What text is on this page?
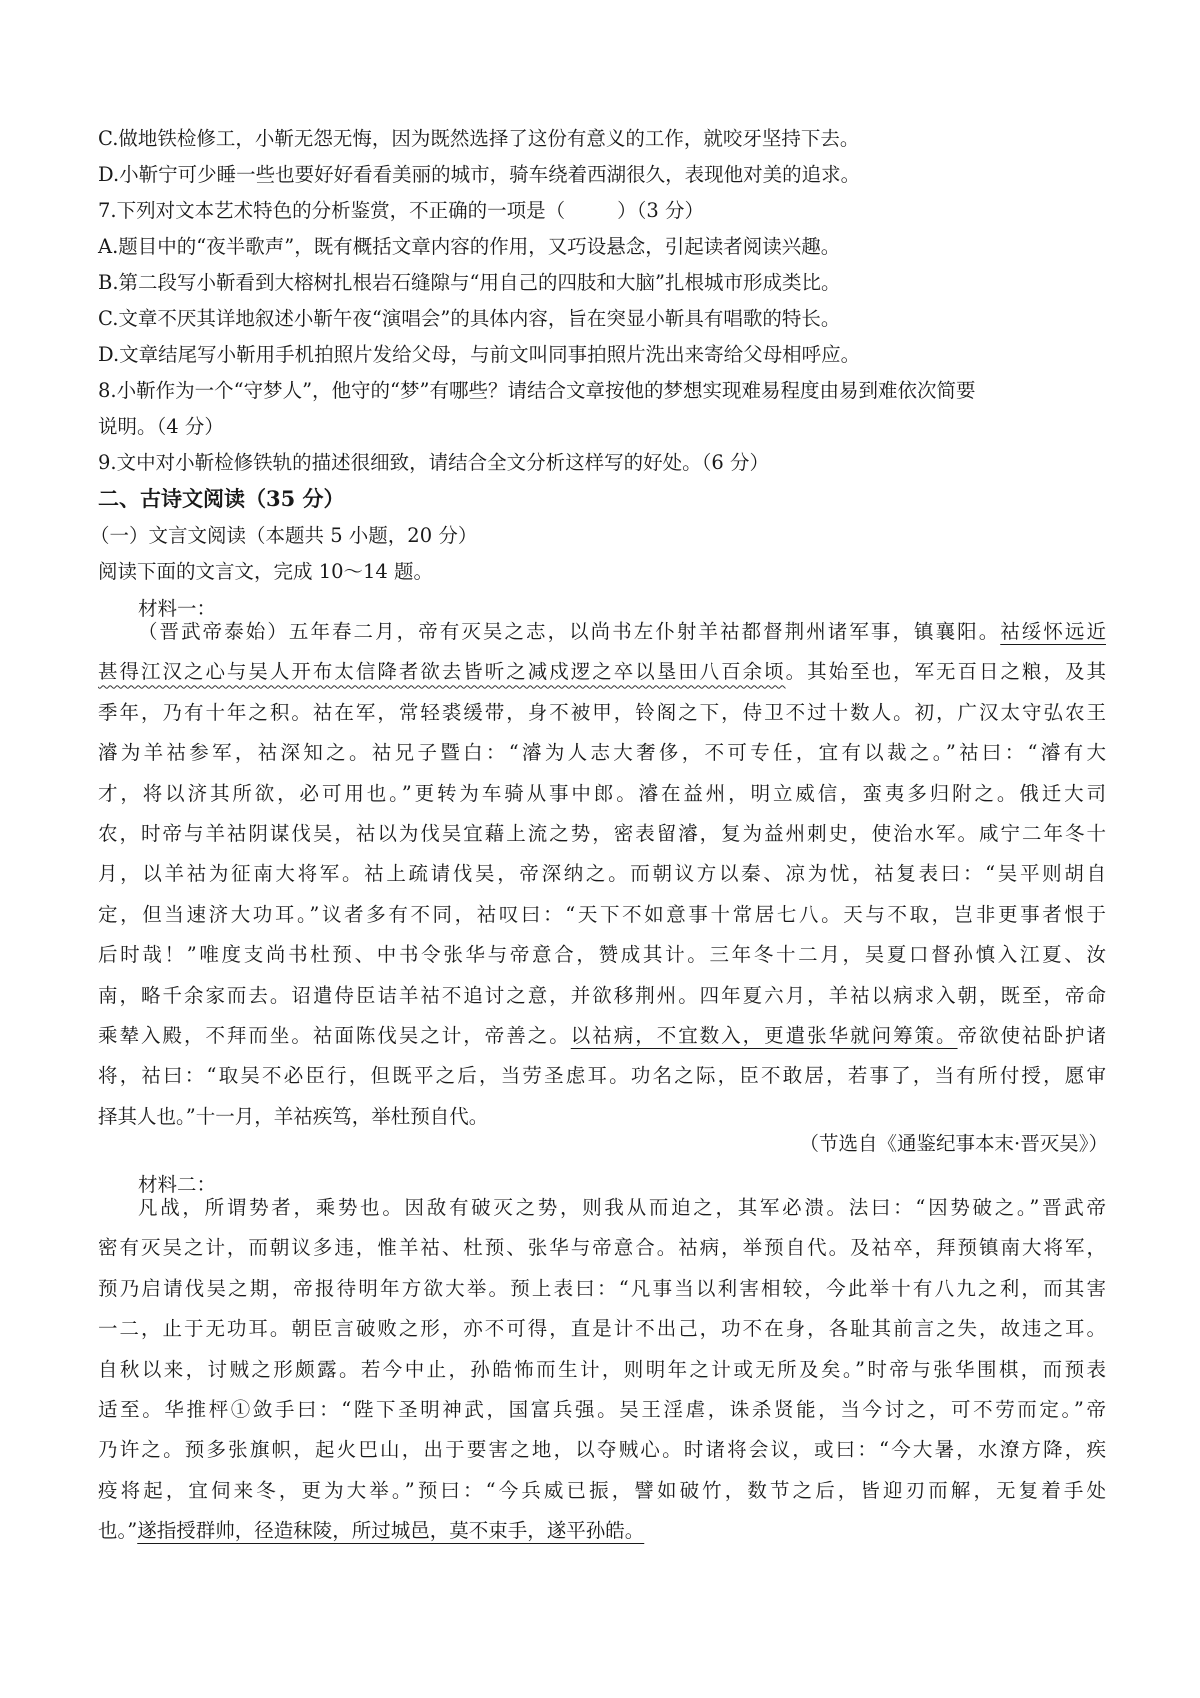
C.做地铁检修工，小靳无怨无悔，因为既然选择了这份有意义的工作，就咬牙坚持下去。
D.小靳宁可少睡一些也要好好看看美丽的城市，骑车绕着西湖很久，表现他对美的追求。
7.下列对文本艺术特色的分析鉴赏，不正确的一项是（	）（3 分）
A.题目中的“夜半歌声”，既有概括文章内容的作用，又巧设悬念，引起读者阅读兴趣。
B.第二段写小靳看到大榕树扎根岩石缝隙与“用自己的四肢和大脑”扎根城市形成类比。
C.文章不厌其详地叙述小靳午夜“演唱会”的具体内容，旨在突显小靳具有唱歌的特长。
D.文章结尾写小靳用手机拍照片发给父母，与前文叫同事拍照片洗出来寄给父母相呼应。
8.小靳作为一个“守梦人”，他守的“梦”有哪些？请结合文章按他的梦想实现难易程度由易到难依次简要
说明。（4 分）
9.文中对小靳检修铁轨的描述很细致，请结合全文分析这样写的好处。（6 分）
二、古诗文阅读（35 分）
（一）文言文阅读（本题共 5 小题，20 分）
阅读下面的文言文，完成 10～14 题。
材料一：
（晋武帝泰始）五年春二月，帝有灭吴之志，以尚书左仆射羊祜都督荆州诸军事，镇襄阳。祜绥怀远近
甚得江汉之心与吴人开布太信降者欲去皆听之减戍逻之卒以垦田八百余顷。其始至也，军无百日之粮，及其
季年，乃有十年之积。祜在军，常轻裘缓带，身不被甲，铃阁之下，侍卫不过十数人。初，广汉太守弘农王
濬为羊祜参军，祜深知之。祜兄子暨白：“濬为人志大奢侈，不可专任，宜有以裁之。”祜曰：“濬有大
才，将以济其所欲，必可用也。”更转为车骑从事中郎。濬在益州，明立威信，蛮夷多归附之。俄迁大司
农，时帝与羊祜阴谋伐吴，祜以为伐吴宜藉上流之势，密表留濬，复为益州刺史，使治水军。咸宁二年冬十
月，以羊祜为征南大将军。祜上疏请伐吴，帝深纳之。而朝议方以秦、凉为忧，祜复表曰：“吴平则胡自
定，但当速济大功耳。”议者多有不同，祜叹曰：“天下不如意事十常居七八。天与不取，岂非更事者恨于
后时哉！”唯度支尚书杜预、中书令张华与帝意合，赞成其计。三年冬十二月，吴夏口督孙慎入江夏、汝
南，略千余家而去。诏遣侍臣诘羊祜不追讨之意，并欲移荆州。四年夏六月，羊祜以病求入朝，既至，帝命
乘辇入殿，不拜而坐。祜面陈伐吴之计，帝善之。以祜病，不宜数入，更遣张华就问筹策。帝欲使祜卧护诸
将，祜曰：“取吴不必臣行，但既平之后，当劳圣虑耳。功名之际，臣不敢居，若事了，当有所付授，愿审
择其人也。”十一月，羊祜疾笃，举杜预自代。
（节选自《通鉴纪事本末·晋灭吴》）
材料二：
凡战，所谓势者，乘势也。因敌有破灭之势，则我从而迫之，其军必溃。法曰：“因势破之。”晋武帝
密有灭吴之计，而朝议多违，惟羊祜、杜预、张华与帝意合。祜病，举预自代。及祜卒，拜预镇南大将军，
预乃启请伐吴之期，帝报待明年方欲大举。预上表曰：“凡事当以利害相较，今此举十有八九之利，而其害
一二，止于无功耳。朝臣言破败之形，亦不可得，直是计不出己，功不在身，各耻其前言之失，故违之耳。
自秋以来，讨贼之形颇露。若今中止，孙皓怖而生计，则明年之计或无所及矣。”时帝与张华围棋，而预表
适至。华推枰①敛手曰：“陛下圣明神武，国富兵强。吴王淫虐，诛杀贤能，当今讨之，可不劳而定。”帝
乃许之。预多张旗帜，起火巴山，出于要害之地，以夺贼心。时诸将会议，或曰：“今大暑，水潦方降，疾
疫将起，宜伺来冬，更为大举。”预曰：“今兵威已振，譬如破竹，数节之后，皆迎刃而解，无复着手处
也。”遂指授群帅，径造秣陵，所过城邑，莫不束手，遂平孙皓。
